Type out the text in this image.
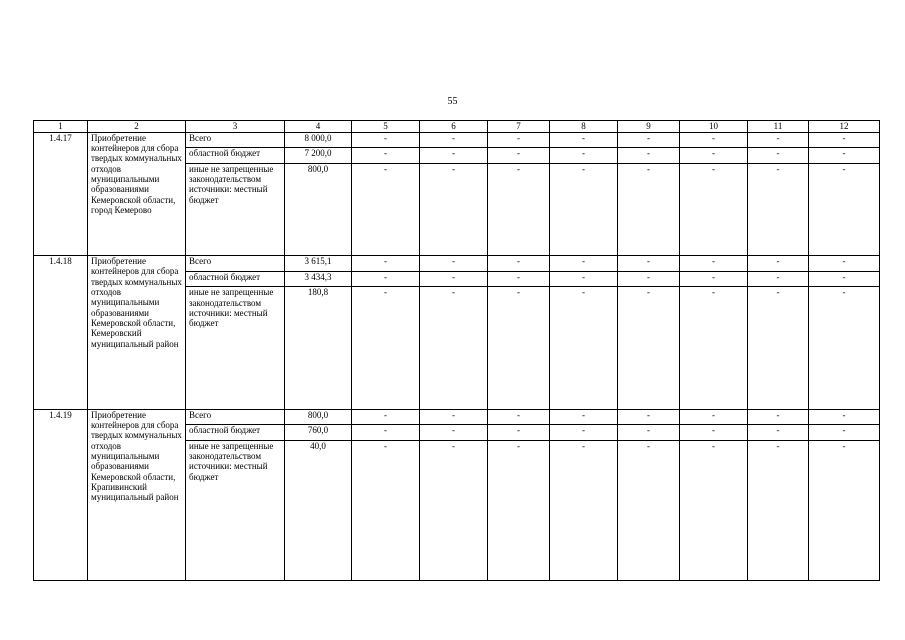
55
1	2	3	4	5	6	7	8	9	10	11	12
1.4.17	Приобретение контейнеров для сбора твердых коммунальных отходов муниципальными образованиями Кемеровской области, город Кемерово	Всего	8 000,0	-	-	-	-	-	-	-	-
		областной бюджет	7 200,0	-	-	-	-	-	-	-	-
		иные не запрещенные законодательством источники: местный бюджет	800,0	-	-	-	-	-	-	-	-
1.4.18	Приобретение контейнеров для сбора твердых коммунальных отходов муниципальными образованиями Кемеровской области, Кемеровский муниципальный район	Всего	3 615,1	-	-	-	-	-	-	-	-
		областной бюджет	3 434,3	-	-	-	-	-	-	-	-
		иные не запрещенные законодательством источники: местный бюджет	180,8	-	-	-	-	-	-	-	-
1.4.19	Приобретение контейнеров для сбора твердых коммунальных отходов муниципальными образованиями Кемеровской области, Крапивинский муниципальный район	Всего	800,0	-	-	-	-	-	-	-	-
		областной бюджет	760,0	-	-	-	-	-	-	-	-
		иные не запрещенные законодательством источники: местный бюджет	40,0	-	-	-	-	-	-	-	-
